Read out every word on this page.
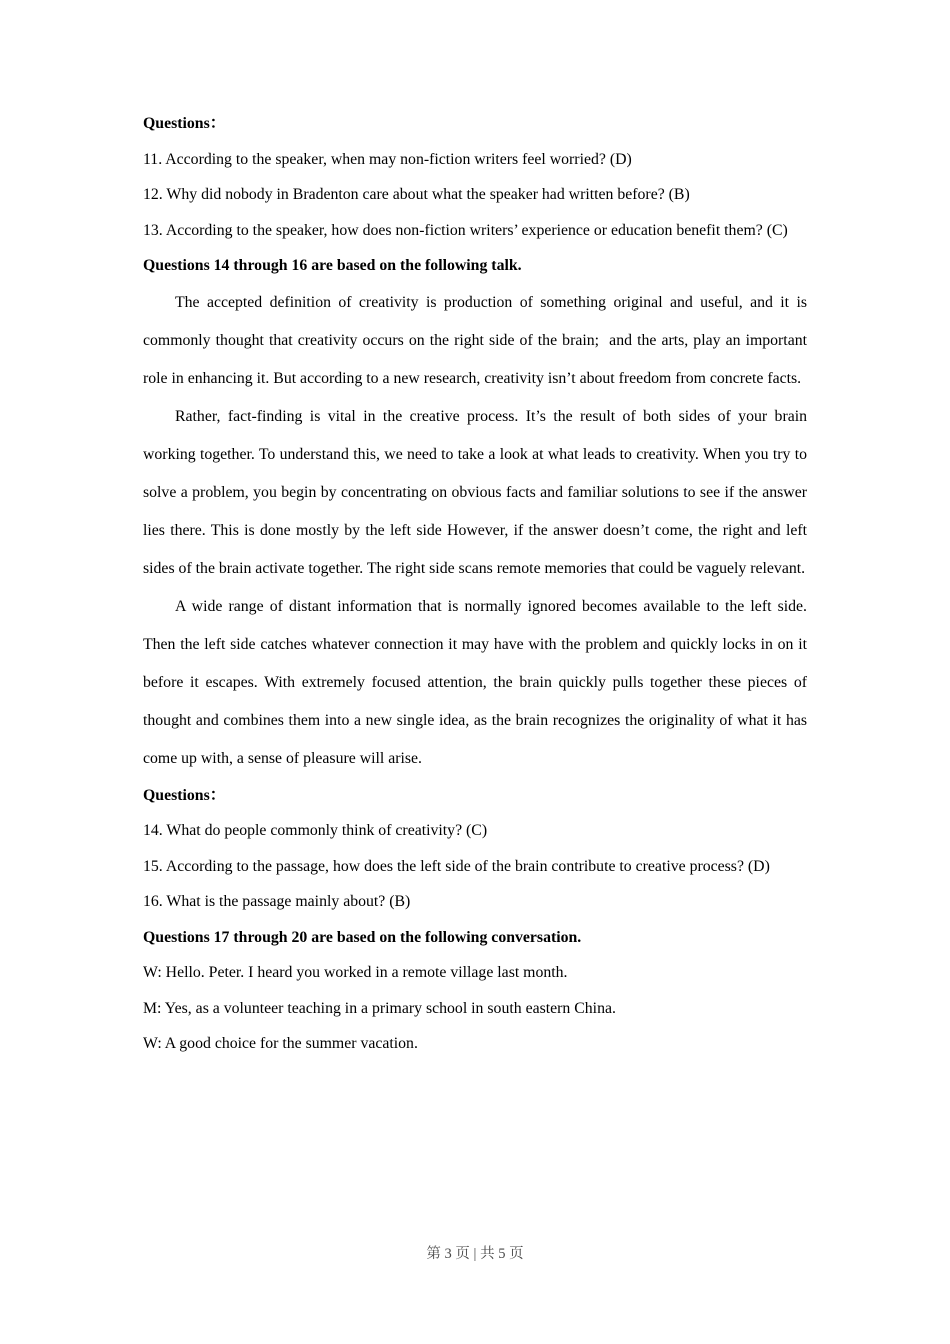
Questions：

11. According to the speaker, when may non-fiction writers feel worried? (D)

12. Why did nobody in Bradenton care about what the speaker had written before? (B)

13. According to the speaker, how does non-fiction writers’ experience or education benefit them? (C)

Questions 14 through 16 are based on the following talk.

The accepted definition of creativity is production of something original and useful, and it is commonly thought that creativity occurs on the right side of the brain;  and the arts, play an important role in enhancing it. But according to a new research, creativity isn’t about freedom from concrete facts.

Rather, fact-finding is vital in the creative process. It’s the result of both sides of your brain working together. To understand this, we need to take a look at what leads to creativity. When you try to solve a problem, you begin by concentrating on obvious facts and familiar solutions to see if the answer lies there. This is done mostly by the left side However, if the answer doesn’t come, the right and left sides of the brain activate together. The right side scans remote memories that could be vaguely relevant.

A wide range of distant information that is normally ignored becomes available to the left side. Then the left side catches whatever connection it may have with the problem and quickly locks in on it before it escapes. With extremely focused attention, the brain quickly pulls together these pieces of thought and combines them into a new single idea, as the brain recognizes the originality of what it has come up with, a sense of pleasure will arise.

Questions：

14. What do people commonly think of creativity? (C)

15. According to the passage, how does the left side of the brain contribute to creative process? (D)

16. What is the passage mainly about? (B)

Questions 17 through 20 are based on the following conversation.

W: Hello. Peter. I heard you worked in a remote village last month.

M: Yes, as a volunteer teaching in a primary school in south eastern China.

W: A good choice for the summer vacation.

第 3 页 | 共 5 页
